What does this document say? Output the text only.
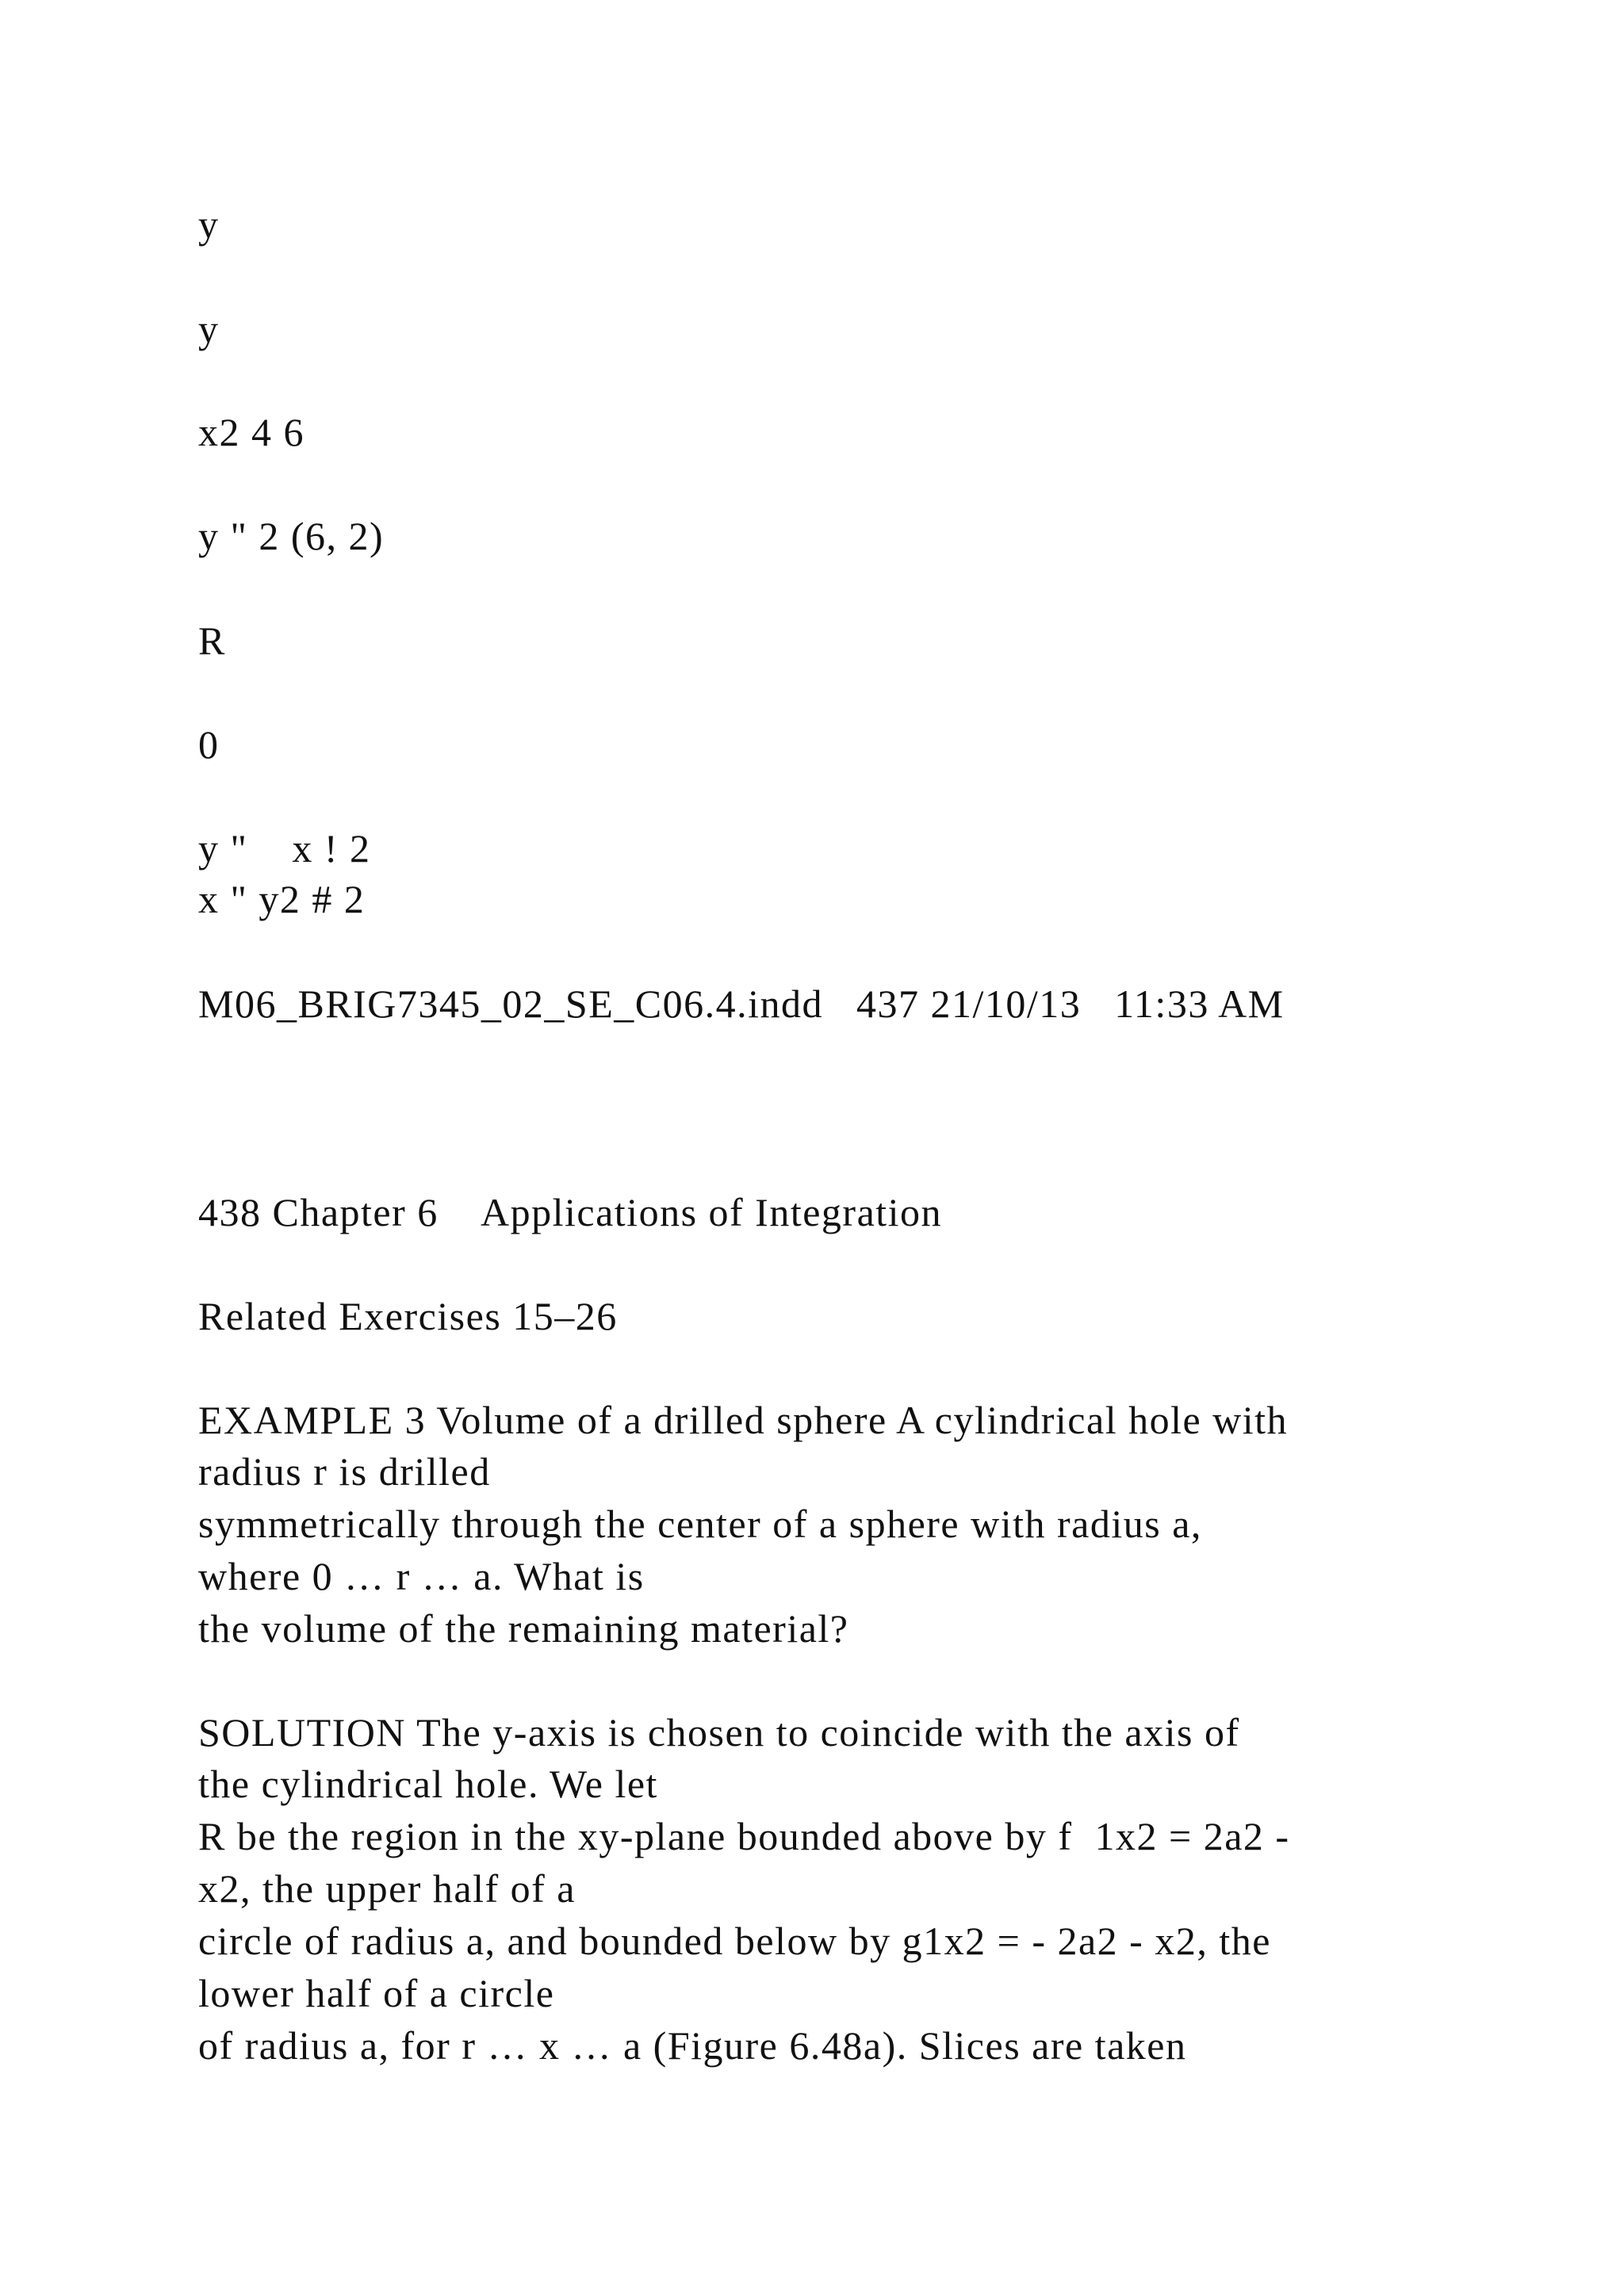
y
y
x2 4 6
y " 2 (6, 2)
R
0
y "    x ! 2
x " y2 # 2
M06_BRIG7345_02_SE_C06.4.indd   437 21/10/13   11:33 AM
438 Chapter 6    Applications of Integration
Related Exercises 15–26
EXAMPLE 3 Volume of a drilled sphere A cylindrical hole with
radius r is drilled
symmetrically through the center of a sphere with radius a,
where 0 … r … a. What is
the volume of the remaining material?
SOLUTION The y-axis is chosen to coincide with the axis of
the cylindrical hole. We let
R be the region in the xy-plane bounded above by f  1x2 = 2a2 -
x2, the upper half of a
circle of radius a, and bounded below by g1x2 = - 2a2 - x2, the
lower half of a circle
of radius a, for r … x … a (Figure 6.48a). Slices are taken
